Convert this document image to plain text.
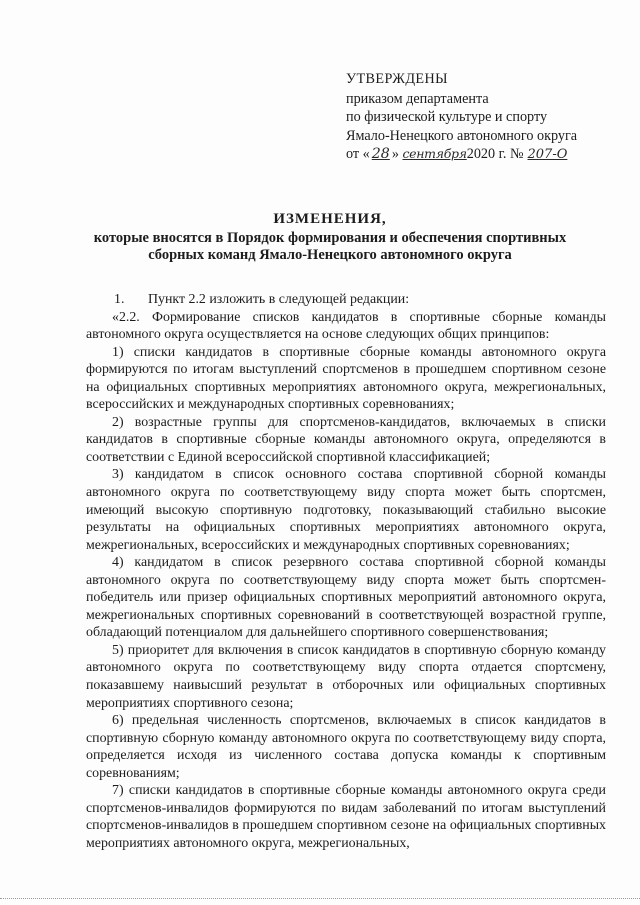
УТВЕРЖДЕНЫ
приказом департамента
по физической культуре и спорту
Ямало-Ненецкого автономного округа
от « 28 » сентября2020 г. № 207-О
ИЗМЕНЕНИЯ,
которые вносятся в Порядок формирования и обеспечения спортивных
сборных команд Ямало-Ненецкого автономного округа
1. Пункт 2.2 изложить в следующей редакции:
«2.2. Формирование списков кандидатов в спортивные сборные команды автономного округа осуществляется на основе следующих общих принципов:
1) списки кандидатов в спортивные сборные команды автономного округа формируются по итогам выступлений спортсменов в прошедшем спортивном сезоне на официальных спортивных мероприятиях автономного округа, межрегиональных, всероссийских и международных спортивных соревнованиях;
2) возрастные группы для спортсменов-кандидатов, включаемых в списки кандидатов в спортивные сборные команды автономного округа, определяются в соответствии с Единой всероссийской спортивной классификацией;
3) кандидатом в список основного состава спортивной сборной команды автономного округа по соответствующему виду спорта может быть спортсмен, имеющий высокую спортивную подготовку, показывающий стабильно высокие результаты на официальных спортивных мероприятиях автономного округа, межрегиональных, всероссийских и международных спортивных соревнованиях;
4) кандидатом в список резервного состава спортивной сборной команды автономного округа по соответствующему виду спорта может быть спортсмен-победитель или призер официальных спортивных мероприятий автономного округа, межрегиональных спортивных соревнований в соответствующей возрастной группе, обладающий потенциалом для дальнейшего спортивного совершенствования;
5) приоритет для включения в список кандидатов в спортивную сборную команду автономного округа по соответствующему виду спорта отдается спортсмену, показавшему наивысший результат в отборочных или официальных спортивных мероприятиях спортивного сезона;
6) предельная численность спортсменов, включаемых в список кандидатов в спортивную сборную команду автономного округа по соответствующему виду спорта, определяется исходя из численного состава допуска команды к спортивным соревнованиям;
7) списки кандидатов в спортивные сборные команды автономного округа среди спортсменов-инвалидов формируются по видам заболеваний по итогам выступлений спортсменов-инвалидов в прошедшем спортивном сезоне на официальных спортивных мероприятиях автономного округа, межрегиональных,
